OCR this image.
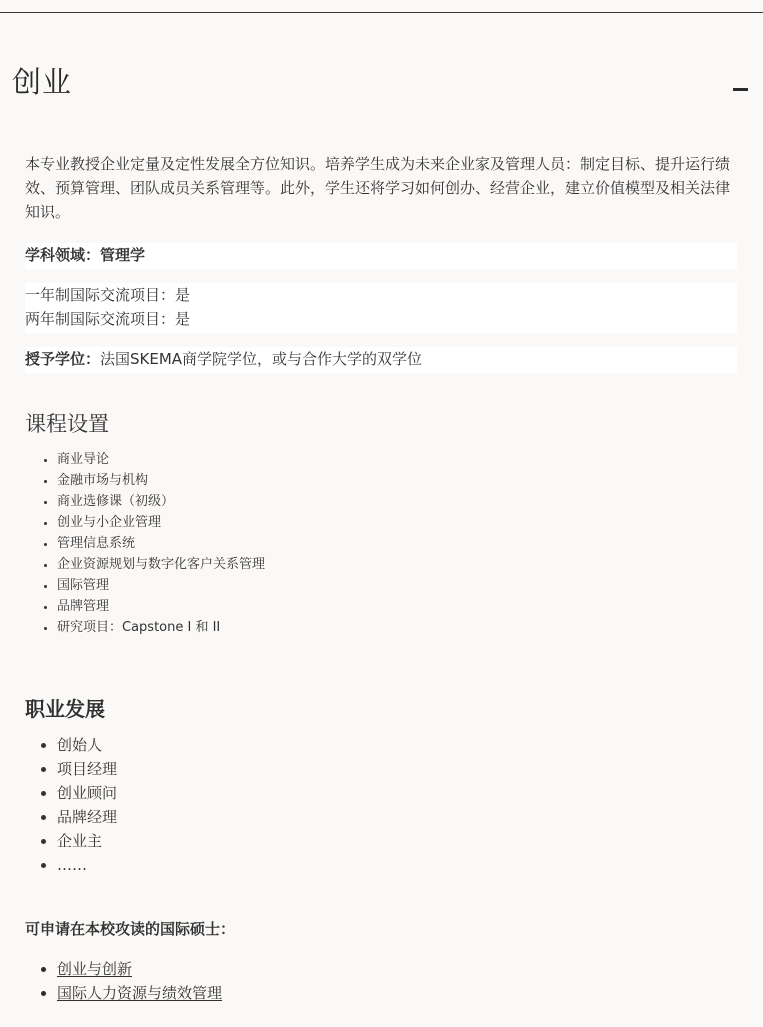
创业

本专业教授企业定量及定性发展全方位知识。培养学生成为未来企业家及管理人员：制定目标、提升运行绩效、预算管理、团队成员关系管理等。此外，学生还将学习如何创办、经营企业，建立价值模型及相关法律知识。

学科领域：管理学
一年制国际交流项目：是
两年制国际交流项目：是
授予学位：法国SKEMA商学院学位，或与合作大学的双学位
课程设置
• 商业导论
• 金融市场与机构
• 商业选修课（初级）
• 创业与小企业管理
• 管理信息系统
• 企业资源规划与数字化客户关系管理
• 国际管理
• 品牌管理
• 研究项目：Capstone I 和 II
职业发展
• 创始人
• 项目经理
• 创业顾问
• 品牌经理
• 企业主
• ……

可申请在本校攻读的国际硕士：

• 创业与创新
• 国际人力资源与绩效管理
